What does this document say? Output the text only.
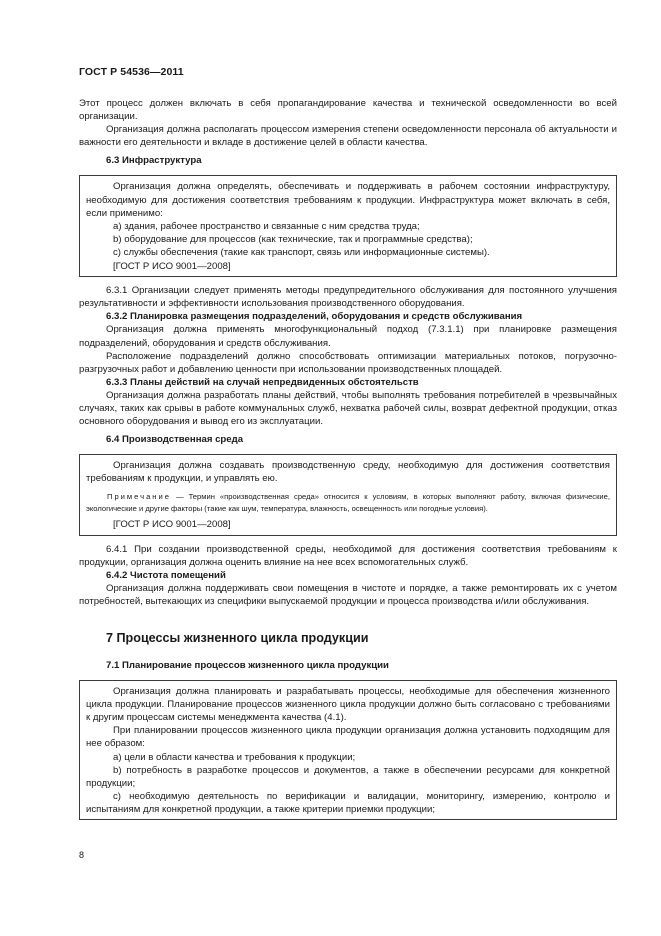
ГОСТ Р 54536—2011

Этот процесс должен включать в себя пропагандирование качества и технической осведомленности во всей организации.

Организация должна располагать процессом измерения степени осведомленности персонала об актуальности и важности его деятельности и вкладе в достижение целей в области качества.

6.3 Инфраструктура

Организация должна определять, обеспечивать и поддерживать в рабочем состоянии инфраструктуру, необходимую для достижения соответствия требованиям к продукции. Инфраструктура может включать в себя, если применимо:

a) здания, рабочее пространство и связанные с ним средства труда;

b) оборудование для процессов (как технические, так и программные средства);

c) службы обеспечения (такие как транспорт, связь или информационные системы).

[ГОСТ Р ИСО 9001—2008]

6.3.1 Организации следует применять методы предупредительного обслуживания для постоянного улучшения результативности и эффективности использования производственного оборудования.

6.3.2 Планировка размещения подразделений, оборудования и средств обслуживания

Организация должна применять многофункциональный подход (7.3.1.1) при планировке размещения подразделений, оборудования и средств обслуживания.

Расположение подразделений должно способствовать оптимизации материальных потоков, погрузочно-разгрузочных работ и добавлению ценности при использовании производственных площадей.

6.3.3 Планы действий на случай непредвиденных обстоятельств

Организация должна разработать планы действий, чтобы выполнять требования потребителей в чрезвычайных случаях, таких как срывы в работе коммунальных служб, нехватка рабочей силы, возврат дефектной продукции, отказ основного оборудования и вывод его из эксплуатации.

6.4 Производственная среда

Организация должна создавать производственную среду, необходимую для достижения соответствия требованиям к продукции, и управлять ею.

Примечание — Термин «производственная среда» относится к условиям, в которых выполняют работу, включая физические, экологические и другие факторы (такие как шум, температура, влажность, освещенность или погодные условия).

[ГОСТ Р ИСО 9001—2008]

6.4.1 При создании производственной среды, необходимой для достижения соответствия требованиям к продукции, организация должна оценить влияние на нее всех вспомогательных служб.

6.4.2 Чистота помещений

Организация должна поддерживать свои помещения в чистоте и порядке, а также ремонтировать их с учетом потребностей, вытекающих из специфики выпускаемой продукции и процесса производства и/или обслуживания.

7 Процессы жизненного цикла продукции
7.1 Планирование процессов жизненного цикла продукции

Организация должна планировать и разрабатывать процессы, необходимые для обеспечения жизненного цикла продукции. Планирование процессов жизненного цикла продукции должно быть согласовано с требованиями к другим процессам системы менеджмента качества (4.1).

При планировании процессов жизненного цикла продукции организация должна установить подходящим для нее образом:

a) цели в области качества и требования к продукции;

b) потребность в разработке процессов и документов, а также в обеспечении ресурсами для конкретной продукции;

c) необходимую деятельность по верификации и валидации, мониторингу, измерению, контролю и испытаниям для конкретной продукции, а также критерии приемки продукции;

8
